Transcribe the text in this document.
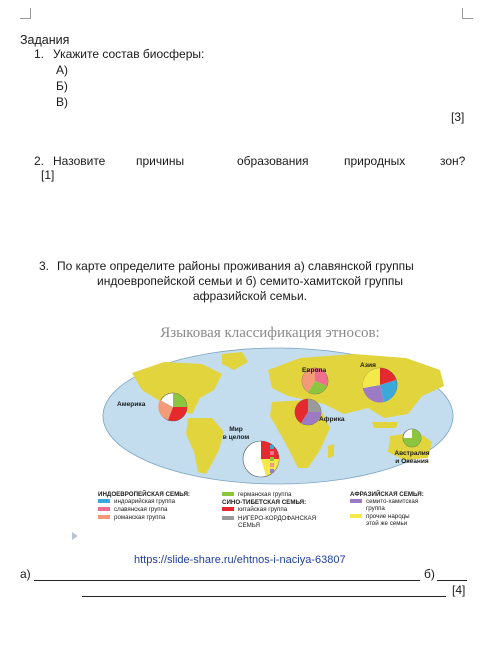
Задания
1. Укажите состав биосферы:
А)
Б)
В)
[3]
2. Назовите	причины	образования	природных	зон?
[1]
3. По карте определите районы проживания а) славянской группы
индоевропейской семьи и б) семито-хамитской группы
афразийской семьи.
Языковая классификация этносов:
Европа
Азия
Америка
Африка
Мир
в целом
Австралия
и Океания
ИНДОЕВРОПЕЙСКАЯ СЕМЬЯ:
индоарийская группа
славянская группа
романская группа
германская группа
СИНО-ТИБЕТСКАЯ СЕМЬЯ:
китайская группа
НИГЕРО-КОРДОФАНСКАЯ
СЕМЬЯ
АФРАЗИЙСКАЯ СЕМЬЯ:
семито-хамитская
группа
прочие народы
этой же семьи
https://slide-share.ru/ehtnos-i-naciya-63807
а)	б)
[4]
